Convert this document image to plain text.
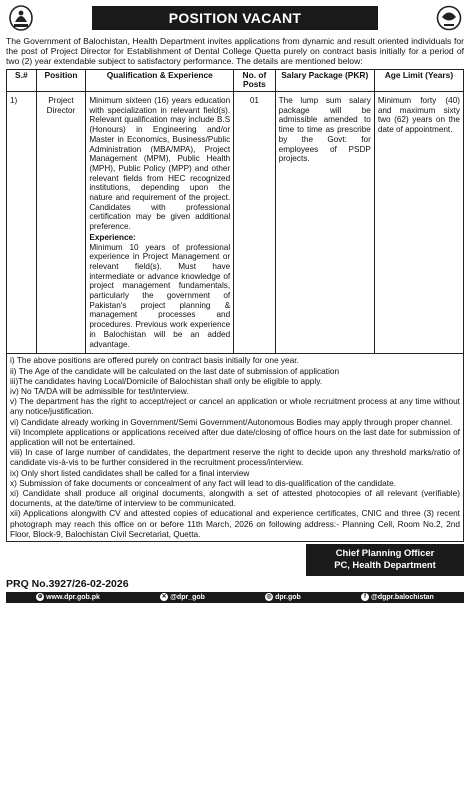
POSITION VACANT

The Government of Balochistan, Health Department invites applications from dynamic and result oriented individuals for the post of Project Director for Establishment of Dental College Quetta purely on contract basis initially for a period of two (2) year extendable subject to satisfactory performance. The details are mentioned below:

S.#	Position	Qualification & Experience	No. of Posts	Salary Package (PKR)	Age Limit (Years)
1)	Project Director	Minimum sixteen (16) years education with specialization in relevant field(s). Relevant qualification may include B.S (Honours) in Engineering and/or Master in Economics, Business/Public Administration (MBA/MPA), Project Management (MPM), Public Health (MPH), Public Policy (MPP) and other relevant fields from HEC recognized institutions, depending upon the nature and requirement of the project. Candidates with professional certification may be given additional preference.
Experience:
Minimum 10 years of professional experience in Project Management or relevant field(s). Must have intermediate or advance knowledge of project management fundamentals, particularly the government of Pakistan's project planning & management processes and procedures. Previous work experience in Balochistan will be an added advantage.	01	The lump sum salary package will be admissible amended to time to time as prescribe by the Govt: for employees of PSDP projects.	Minimum forty (40) and maximum sixty two (62) years on the date of appointment.

i) The above positions are offered purely on contract basis initially for one year.

ii) The Age of the candidate will be calculated on the last date of submission of application

iii)The candidates having Local/Domicile of Balochistan shall only be eligible to apply.

iv) No TA/DA will be admissible for test/interview.

v) The department has the right to accept/reject or cancel an application or whole recruitment process at any time without any notice/justification.

vi) Candidate already working in Government/Semi Government/Autonomous Bodies may apply through proper channel.

vii) Incomplete applications or applications received after due date/closing of office hours on the last date for submission of application will not be entertained.

viii) In case of large number of candidates, the department reserve the right to decide upon any threshold marks/ratio of candidate vis-à-vis to be further considered in the recruitment process/interview.

ix) Only short listed candidates shall be called for a final interview

x) Submission of fake documents or concealment of any fact will lead to dis-qualification of the candidate.

xi) Candidate shall produce all original documents, alongwith a set of attested photocopies of all relevant (verifiable) documents, at the date/time of interview to be communicated.

xii) Applications alongwith CV and attested copies of educational and experience certificates, CNIC and three (3) recent photograph may reach this office on or before 11th March, 2026 on following address:- Planning Cell, Room No.2, 2nd Floor, Block-9, Balochistan Civil Secretariat, Quetta.

Chief Planning Officer
PC, Health Department
PRQ No.3927/26-02-2026
⊕ www.dpr.gob.pk	✕ @dpr_gob	◎ dpr.gob	f @dgpr.balochistan
